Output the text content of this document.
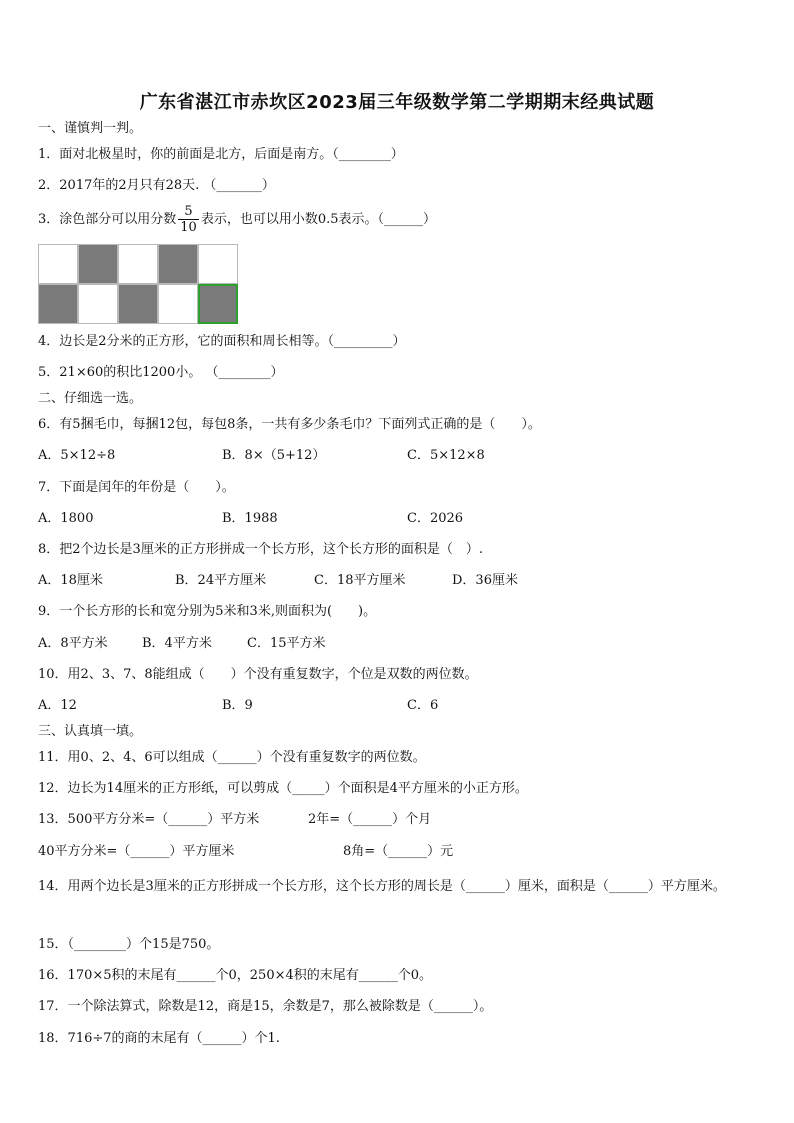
广东省湛江市赤坎区2023届三年级数学第二学期期末经典试题
一、谨慎判一判。
1．面对北极星时，你的前面是北方，后面是南方。（________）
2．2017年的2月只有28天. （_______）
3．涂色部分可以用分数 $\frac{5}{10}$ 表示，也可以用小数0.5表示。（______）
4．边长是2分米的正方形，它的面积和周长相等。（_________）
5．21×60的积比1200小。 （________）
二、仔细选一选。
6．有5捆毛巾，每捆12包，每包8条，一共有多少条毛巾？下面列式正确的是（　　）。
A．5×12÷8	B．8×（5+12）	C．5×12×8
7．下面是闰年的年份是（　　）。
A．1800	B．1988	C．2026
8．把2个边长是3厘米的正方形拼成一个长方形，这个长方形的面积是（　）.
A．18厘米	B．24平方厘米	C．18平方厘米	D．36厘米
9．一个长方形的长和宽分别为5米和3米,则面积为(　　)。
A．8平方米	B．4平方米	C．15平方米
10．用2、3、7、8能组成（　　）个没有重复数字，个位是双数的两位数。
A．12	B．9	C．6
三、认真填一填。
11．用0、2、4、6可以组成（______）个没有重复数字的两位数。
12．边长为14厘米的正方形纸，可以剪成（_____）个面积是4平方厘米的小正方形。
13．500平方分米=（______）平方米	2年=（______）个月
40平方分米=（______）平方厘米	8角=（______）元
14．用两个边长是3厘米的正方形拼成一个长方形，这个长方形的周长是（______）厘米，面积是（______）平方厘米。
15．（________）个15是750。
16．170×5积的末尾有______个0，250×4积的末尾有______个0。
17．一个除法算式，除数是12，商是15，余数是7，那么被除数是（______）。
18．716÷7的商的末尾有（______）个1.
